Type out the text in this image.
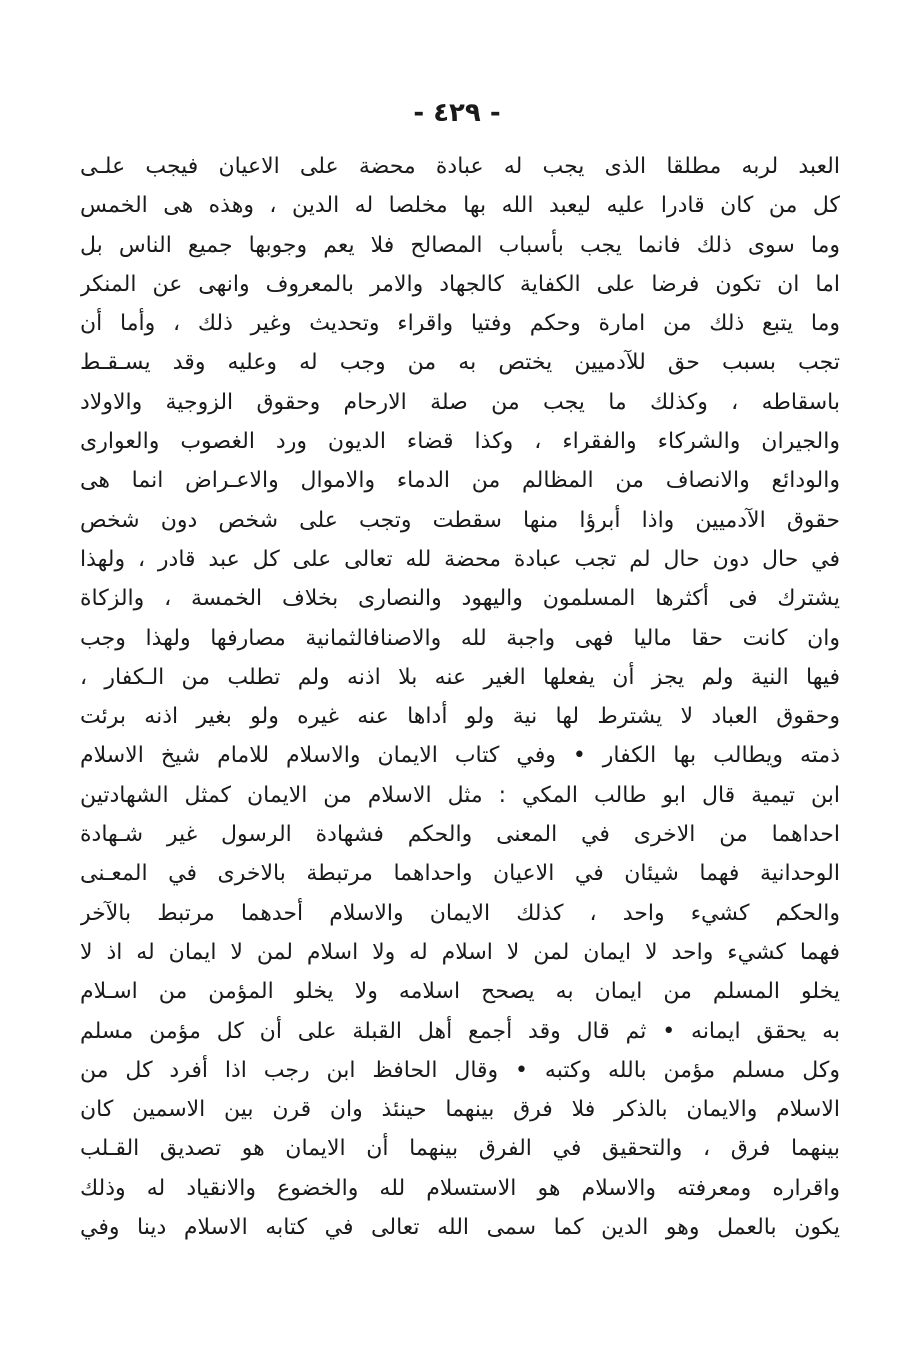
- ٤٢٩ -
العبد لربه مطلقا الذى يجب له عبادة محضة على الاعيان فيجب علـى
كل من كان قادرا عليه ليعبد الله بها مخلصا له الدين ، وهذه هى الخمس
وما سوى ذلك فانما يجب بأسباب المصالح فلا يعم وجوبها جميع الناس بل
اما ان تكون فرضا على الكفاية كالجهاد والامر بالمعروف وانهى عن المنكر
وما يتبع ذلك من امارة وحكم وفتيا واقراء وتحديث وغير ذلك ، وأما أن
تجب بسبب حق للآدميين يختص به من وجب له وعليه وقد يسـقـط
باسقاطه ، وكذلك ما يجب من صلة الارحام وحقوق الزوجية والاولاد
والجيران والشركاء والفقراء ، وكذا قضاء الديون ورد الغصوب والعوارى
والودائع والانصاف من المظالم من الدماء والاموال والاعـراض انما هى
حقوق الآدميين واذا أبرؤا منها سقطت وتجب على شخص دون شخص
في حال دون حال لم تجب عبادة محضة لله تعالى على كل عبد قادر ، ولهذا
يشترك فى أكثرها المسلمون واليهود والنصارى بخلاف الخمسة ، والزكاة
وان كانت حقا ماليا فهى واجبة لله والاصنافالثمانية مصارفها ولهذا وجب
فيها النية ولم يجز أن يفعلها الغير عنه بلا اذنه ولم تطلب من الـكفار ،
وحقوق العباد لا يشترط لها نية ولو أداها عنه غيره ولو بغير اذنه برئت
ذمته ويطالب بها الكفار • وفي كتاب الايمان والاسلام للامام شيخ الاسلام
ابن تيمية قال ابو طالب المكي : مثل الاسلام من الايمان كمثل الشهادتين
احداهما من الاخرى في المعنى والحكم فشهادة الرسول غير شـهادة
الوحدانية فهما شيئان في الاعيان واحداهما مرتبطة بالاخرى في المعـنى
والحكم كشيء واحد ، كذلك الايمان والاسلام أحدهما مرتبط بالآخر
فهما كشيء واحد لا ايمان لمن لا اسلام له ولا اسلام لمن لا ايمان له اذ لا
يخلو المسلم من ايمان به يصحح اسلامه ولا يخلو المؤمن من اسـلام
به يحقق ايمانه • ثم قال وقد أجمع أهل القبلة على أن كل مؤمن مسلم
وكل مسلم مؤمن بالله وكتبه • وقال الحافظ ابن رجب اذا أفرد كل من
الاسلام والايمان بالذكر فلا فرق بينهما حينئذ وان قرن بين الاسمين كان
بينهما فرق ، والتحقيق في الفرق بينهما أن الايمان هو تصديق القـلب
واقراره ومعرفته والاسلام هو الاستسلام لله والخضوع والانقياد له وذلك
يكون بالعمل وهو الدين كما سمى الله تعالى في كتابه الاسلام دينا وفي
